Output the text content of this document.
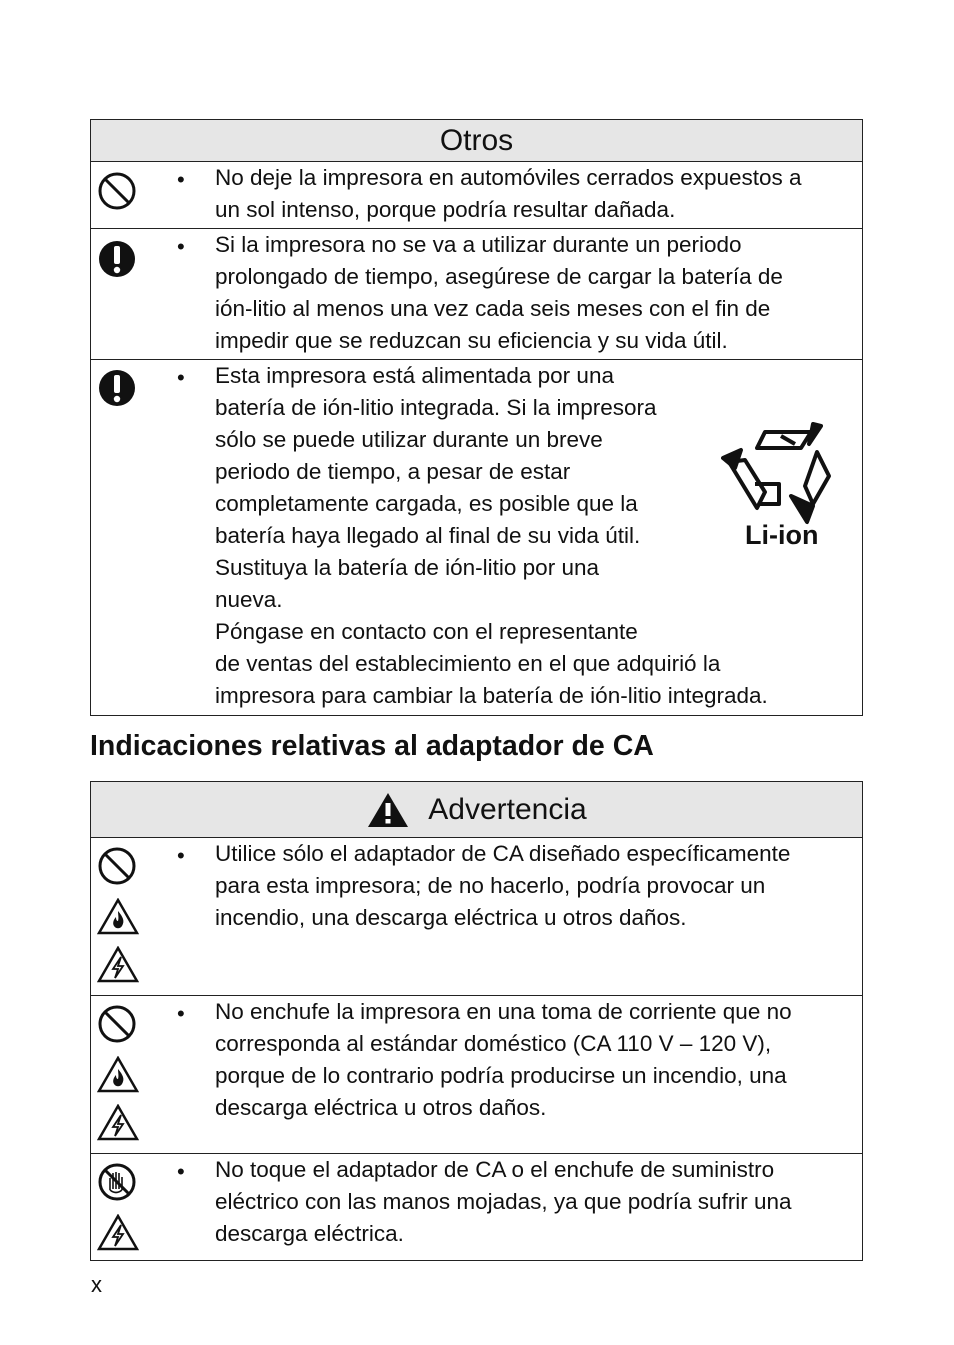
Otros
• No deje la impresora en automóviles cerrados expuestos a

un sol intenso, porque podría resultar dañada.

• Si la impresora no se va a utilizar durante un periodo

prolongado de tiempo, asegúrese de cargar la batería de

ión-litio al menos una vez cada seis meses con el fin de

impedir que se reduzcan su eficiencia y su vida útil.

• Esta impresora está alimentada por una

batería de ión-litio integrada. Si la impresora

sólo se puede utilizar durante un breve

periodo de tiempo, a pesar de estar

completamente cargada, es posible que la

batería haya llegado al final de su vida útil.

Sustituya la batería de ión-litio por una

nueva.

Póngase en contacto con el representante

de ventas del establecimiento en el que adquirió la

impresora para cambiar la batería de ión-litio integrada.

Li-ion
Indicaciones relativas al adaptador de CA
Advertencia
• Utilice sólo el adaptador de CA diseñado específicamente

para esta impresora; de no hacerlo, podría provocar un

incendio, una descarga eléctrica u otros daños.

• No enchufe la impresora en una toma de corriente que no

corresponda al estándar doméstico (CA 110 V – 120 V),

porque de lo contrario podría producirse un incendio, una

descarga eléctrica u otros daños.

• No toque el adaptador de CA o el enchufe de suministro

eléctrico con las manos mojadas, ya que podría sufrir una

descarga eléctrica.

x
